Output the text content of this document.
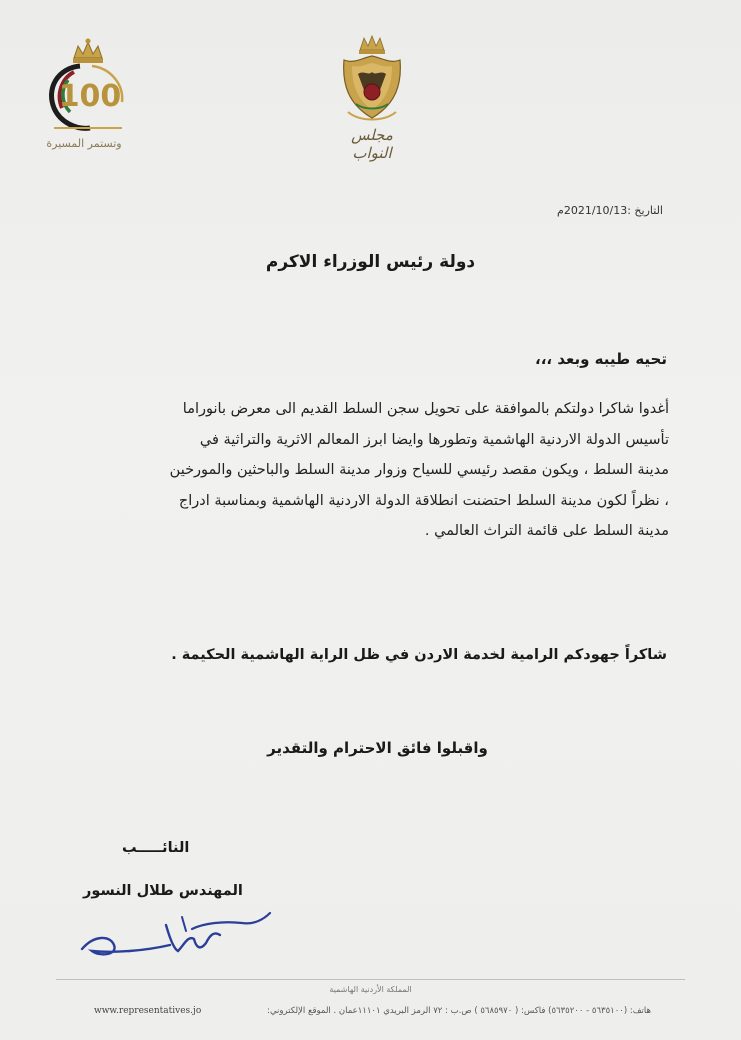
100
وتستمر المسيرة	مجلس النواب
التاريخ :2021/10/13م
دولة رئيس الوزراء الاكرم
تحيه طيبه وبعد ،،،
أغدوا شاكرا دولتكم بالموافقة على تحويل سجن السلط القديم الى معرض بانوراما
تأسيس الدولة الاردنية الهاشمية وتطورها وايضا ابرز المعالم الاثرية والتراثية في
مدينة السلط ، ويكون مقصد رئيسي للسياح وزوار مدينة السلط والباحثين والمورخين
، نظراً لكون مدينة السلط احتضنت انطلاقة الدولة الاردنية الهاشمية وبمناسبة ادراج
مدينة السلط على قائمة التراث العالمي .
شاكراً جهودكم الرامية لخدمة الاردن في ظل الراية الهاشمية الحكيمة .
واقبلوا فائق الاحترام والتقدير
النائـــــب
المهندس طلال النسور
المملكة الأردنية الهاشمية
هاتف: (٥٦٣٥١٠٠ - ٥٦٣٥٢٠٠) فاكس: ( ٥٦٨٥٩٧٠ ) ص.ب : ٧٢ الرمز البريدي ١١١٠١عمان . الموقع الإلكتروني:
www.representatives.jo
